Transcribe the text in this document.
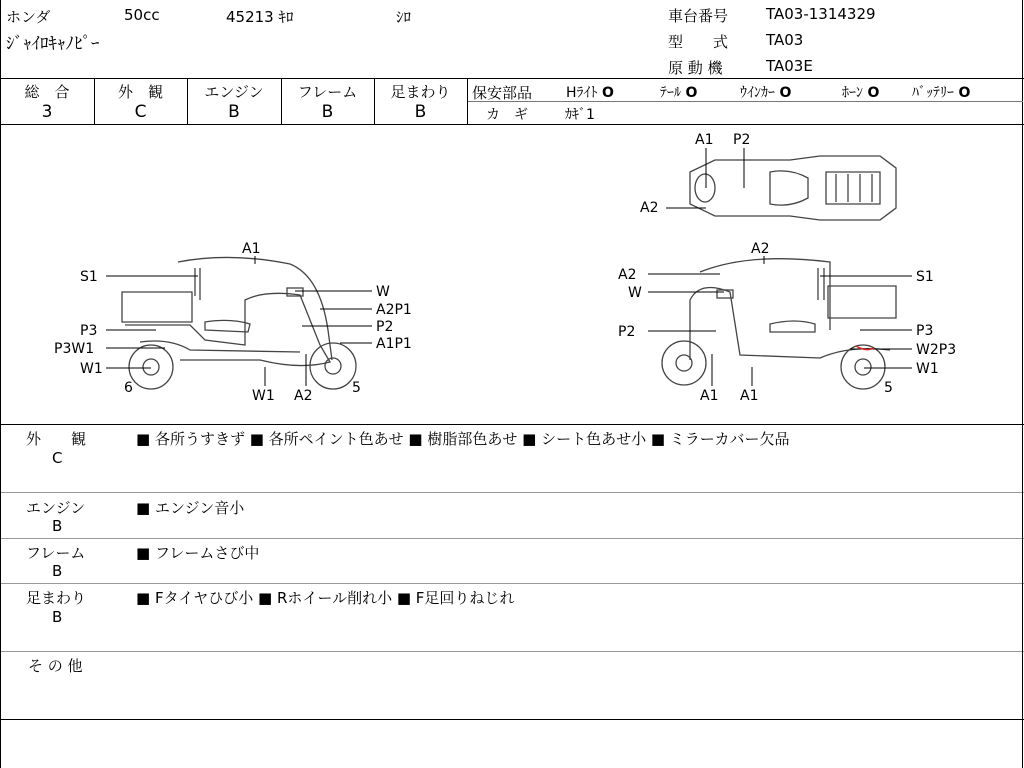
ホンダ	50cc	45213 ｷﾛ	ｼﾛ
ｼﾞｬｲﾛｷｬﾉﾋﾟｰ
車台番号	TA03-1314329
型　　式	TA03
原 動 機	TA03E
総　合
3
外　観
C
エンジン
B
フレーム
B
足まわり
B
保安部品 Hﾗｲﾄ O	ﾃｰﾙ O	ｳｲﾝｶｰ O	ﾎｰﾝ O ﾊﾞｯﾃﾘｰ O
カ　ギ	ｶｷﾞ1
A1
S1
W
A2P1
P2
P3
A1P1
P3W1
W1
6	W1 A2	5
A1 P2
A2
A2
A2	S1
W
P2	P3
W2P3
W1
A1 A1	5
外　　観
C
■ 各所うすきず ■ 各所ペイント色あせ ■ 樹脂部色あせ ■ シート色あせ小 ■ ミラーカバー欠品
エンジン
B
■ エンジン音小
フレーム
B
■ フレームさび中
足まわり
B
■ Fタイヤひび小 ■ Rホイール削れ小 ■ F足回りねじれ
そ の 他
